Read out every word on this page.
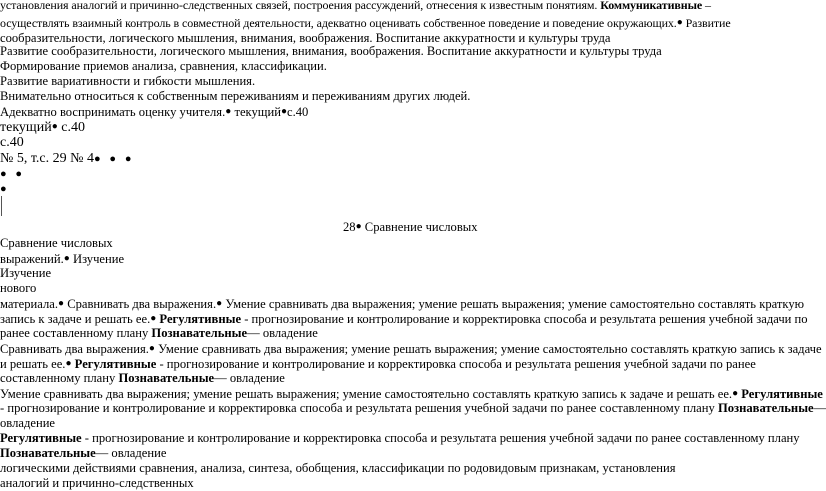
установления аналогий и причинно-следственных связей, построения рассуждений, отнесения к известным понятиям. Коммуникативные –
осуществлять взаимный контроль в совместной деятельности, адекватно оценивать собственное поведение и поведение окружающих.● Развитие
сообразительности, логического мышления, внимания, воображения. Воспитание аккуратности и культуры труда
Развитие сообразительности, логического мышления, внимания, воображения. Воспитание аккуратности и культуры труда
Формирование приемов анализа, сравнения, классификации.
Развитие вариативности и гибкости мышления.
Внимательно относиться к собственным переживаниям и переживаниям других людей.
Адекватно воспринимать оценку учителя.● текущий●с.40
текущий● с.40
с.40
№ 5, т.с. 29 № 4● ● ●
● ●
●
28● Сравнение числовых
Сравнение числовых
выражений.● Изучение
Изучение
нового
материала.● Сравнивать два выражения.● Умение сравнивать два выражения; умение решать выражения; умение самостоятельно составлять краткую
запись к задаче и решать ее.● Регулятивные - прогнозирование и контролирование и корректировка способа и результата решения учебной задачи по
ранее составленному плану Познавательные— овладение
Сравнивать два выражения.● Умение сравнивать два выражения; умение решать выражения; умение самостоятельно составлять краткую запись к задаче
и решать ее.● Регулятивные - прогнозирование и контролирование и корректировка способа и результата решения учебной задачи по ранее
составленному плану Познавательные— овладение
Умение сравнивать два выражения; умение решать выражения; умение самостоятельно составлять краткую запись к задаче и решать ее.● Регулятивные
- прогнозирование и контролирование и корректировка способа и результата решения учебной задачи по ранее составленному плану Познавательные—
овладение
Регулятивные - прогнозирование и контролирование и корректировка способа и результата решения учебной задачи по ранее составленному плану
Познавательные— овладение
логическими действиями сравнения, анализа, синтеза, обобщения, классификации по родовидовым признакам, установления
аналогий и причинно-следственных
